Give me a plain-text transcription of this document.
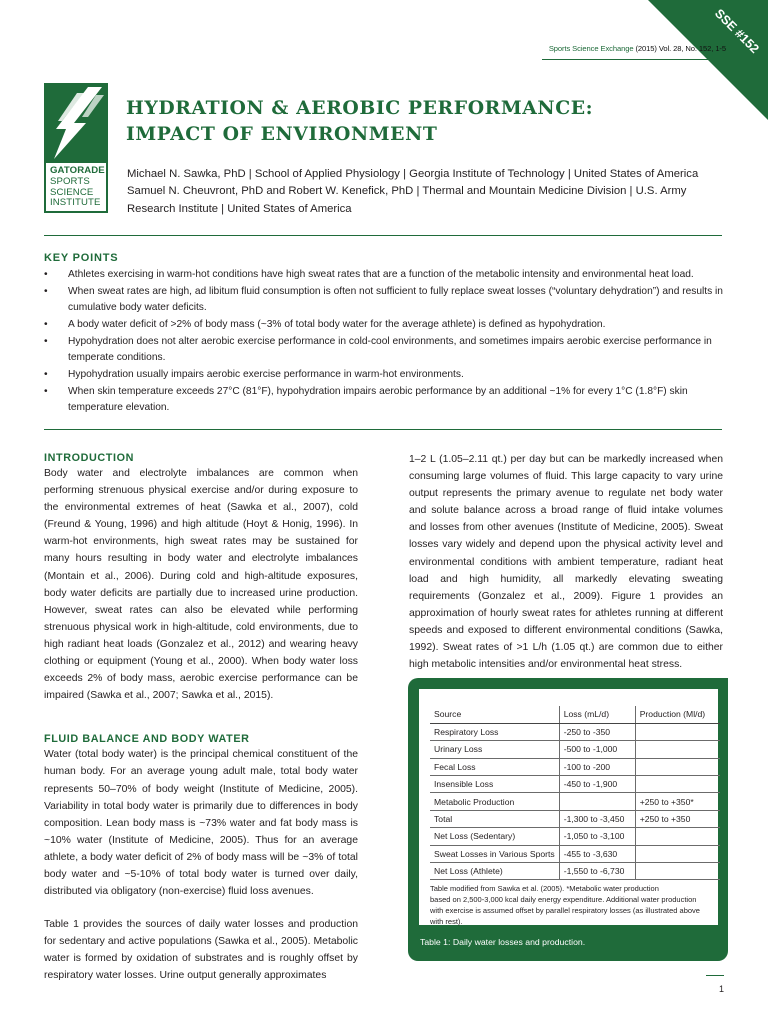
SSE #152
Sports Science Exchange (2015) Vol. 28, No. 152, 1-5
GATORADE
SPORTS
SCIENCE
INSTITUTE
HYDRATION & AEROBIC PERFORMANCE:
IMPACT OF ENVIRONMENT
Michael N. Sawka, PhD | School of Applied Physiology | Georgia Institute of Technology | United States of America
Samuel N. Cheuvront, PhD and Robert W. Kenefick, PhD | Thermal and Mountain Medicine Division | U.S. Army
Research Institute | United States of America
KEY POINTS
• Athletes exercising in warm-hot conditions have high sweat rates that are a function of the metabolic intensity and environmental heat load.
• When sweat rates are high, ad libitum fluid consumption is often not sufficient to fully replace sweat losses (“voluntary dehydration”) and results in cumulative body water deficits.
• A body water deficit of >2% of body mass (~3% of total body water for the average athlete) is defined as hypohydration.
• Hypohydration does not alter aerobic exercise performance in cold-cool environments, and sometimes impairs aerobic exercise performance in temperate conditions.
• Hypohydration usually impairs aerobic exercise performance in warm-hot environments.
• When skin temperature exceeds 27°C (81°F), hypohydration impairs aerobic performance by an additional ~1% for every 1°C (1.8°F) skin temperature elevation.
INTRODUCTION

Body water and electrolyte imbalances are common when performing strenuous physical exercise and/or during exposure to the environmental extremes of heat (Sawka et al., 2007), cold (Freund & Young, 1996) and high altitude (Hoyt & Honig, 1996). In warm-hot environments, high sweat rates may be sustained for many hours resulting in body water and electrolyte imbalances (Montain et al., 2006). During cold and high-altitude exposures, body water deficits are partially due to increased urine production. However, sweat rates can also be elevated while performing strenuous physical work in high-altitude, cold environments, due to high radiant heat loads (Gonzalez et al., 2012) and wearing heavy clothing or equipment (Young et al., 2000). When body water loss exceeds 2% of body mass, aerobic exercise performance can be impaired (Sawka et al., 2007; Sawka et al., 2015).

FLUID BALANCE AND BODY WATER

Water (total body water) is the principal chemical constituent of the human body. For an average young adult male, total body water represents 50–70% of body weight (Institute of Medicine, 2005). Variability in total body water is primarily due to differences in body composition. Lean body mass is ~73% water and fat body mass is ~10% water (Institute of Medicine, 2005). Thus for an average athlete, a body water deficit of 2% of body mass will be ~3% of total body water and ~5-10% of total body water is turned over daily, distributed via obligatory (non-exercise) fluid loss avenues.

Table 1 provides the sources of daily water losses and production for sedentary and active populations (Sawka et al., 2005). Metabolic water is formed by oxidation of substrates and is roughly offset by respiratory water losses. Urine output generally approximates

1–2 L (1.05–2.11 qt.) per day but can be markedly increased when consuming large volumes of fluid. This large capacity to vary urine output represents the primary avenue to regulate net body water and solute balance across a broad range of fluid intake volumes and losses from other avenues (Institute of Medicine, 2005). Sweat losses vary widely and depend upon the physical activity level and environmental conditions with ambient temperature, radiant heat load and high humidity, all markedly elevating sweating requirements (Gonzalez et al., 2009). Figure 1 provides an approximation of hourly sweat rates for athletes running at different speeds and exposed to different environmental conditions (Sawka, 1992). Sweat rates of >1 L/h (1.05 qt.) are common due to either high metabolic intensities and/or environmental heat stress.

Source	Loss (mL/d)	Production (Ml/d)
Respiratory Loss	-250 to -350	
Urinary Loss	-500 to -1,000	
Fecal Loss	-100 to -200	
Insensible Loss	-450 to -1,900	
Metabolic Production		+250 to +350*
Total	-1,300 to -3,450	+250 to +350
Net Loss (Sedentary)	-1,050 to -3,100	
Sweat Losses in Various Sports	-455 to -3,630	
Net Loss (Athlete)	-1,550 to -6,730	
Table modified from Sawka et al. (2005). *Metabolic water production
based on 2,500-3,000 kcal daily energy expenditure. Additional water production
with exercise is assumed offset by parallel respiratory losses (as illustrated above
with rest).
Table 1: Daily water losses and production.
1
